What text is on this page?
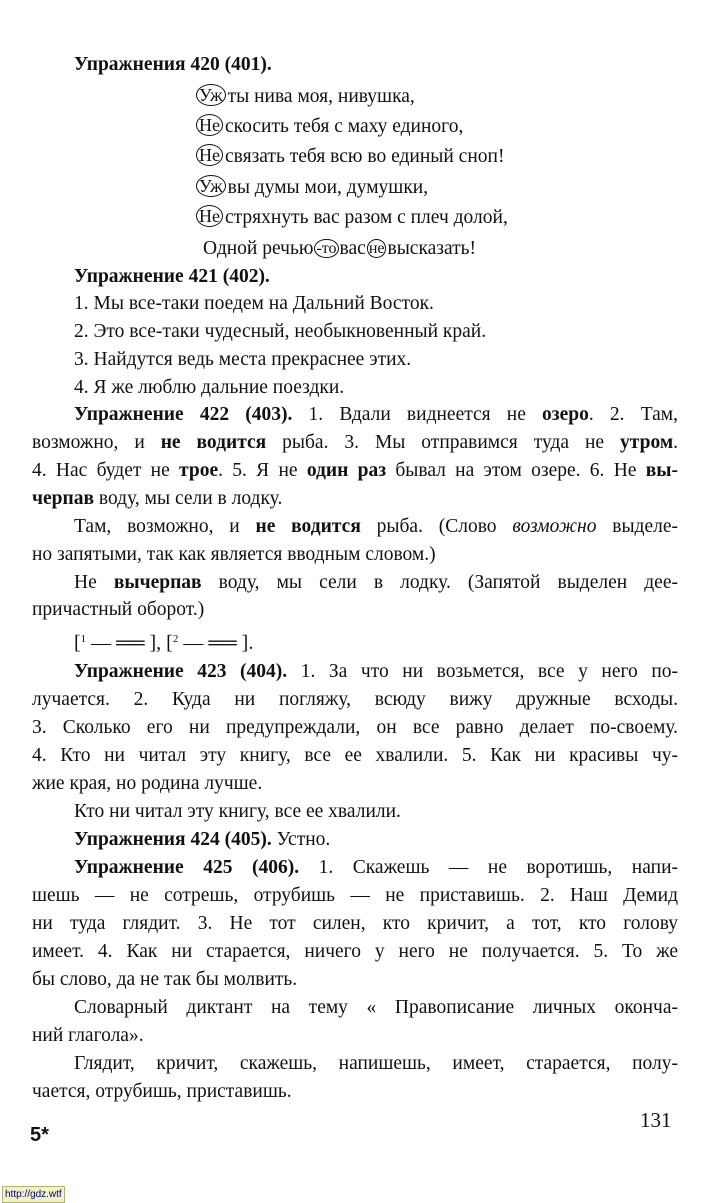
Упражнения 420 (401).
Уж ты нива моя, нивушка,
Не скосить тебя с маху единого,
Не связать тебя всю во единый сноп!
Уж вы думы мои, думушки,
Не стряхнуть вас разом с плеч долой,
Одной речью -то вас не высказать!
Упражнение 421 (402).
1. Мы все-таки поедем на Дальний Восток.
2. Это все-таки чудесный, необыкновенный край.
3. Найдутся ведь места прекраснее этих.
4. Я же люблю дальние поездки.
Упражнение 422 (403). 1. Вдали виднеется не озеро. 2. Там,
возможно, и не водится рыба. 3. Мы отправимся туда не утром.
4. Нас будет не трое. 5. Я не один раз бывал на этом озере. 6. Не вы-
черпав воду, мы сели в лодку.
Там, возможно, и не водится рыба. (Слово возможно выделе-
но запятыми, так как является вводным словом.)
Не вычерпав воду, мы сели в лодку. (Запятой выделен дее-
причастный оборот.)
[$^1$ — ══ ], [$^2$ — ══ ].
Упражнение 423 (404). 1. За что ни возьмется, все у него по-
лучается. 2. Куда ни погляжу, всюду вижу дружные всходы.
3. Сколько его ни предупреждали, он все равно делает по-своему.
4. Кто ни читал эту книгу, все ее хвалили. 5. Как ни красивы чу-
жие края, но родина лучше.
Кто ни читал эту книгу, все ее хвалили.
Упражнения 424 (405). Устно.
Упражнение 425 (406). 1. Скажешь — не воротишь, напи-
шешь — не сотрешь, отрубишь — не приставишь. 2. Наш Демид
ни туда глядит. 3. Не тот силен, кто кричит, а тот, кто голову
имеет. 4. Как ни старается, ничего у него не получается. 5. То же
бы слово, да не так бы молвить.
Словарный диктант на тему « Правописание личных оконча-
ний глагола».
Глядит, кричит, скажешь, напишешь, имеет, старается, полу-
чается, отрубишь, приставишь.
131
5*
http://gdz.wtf
